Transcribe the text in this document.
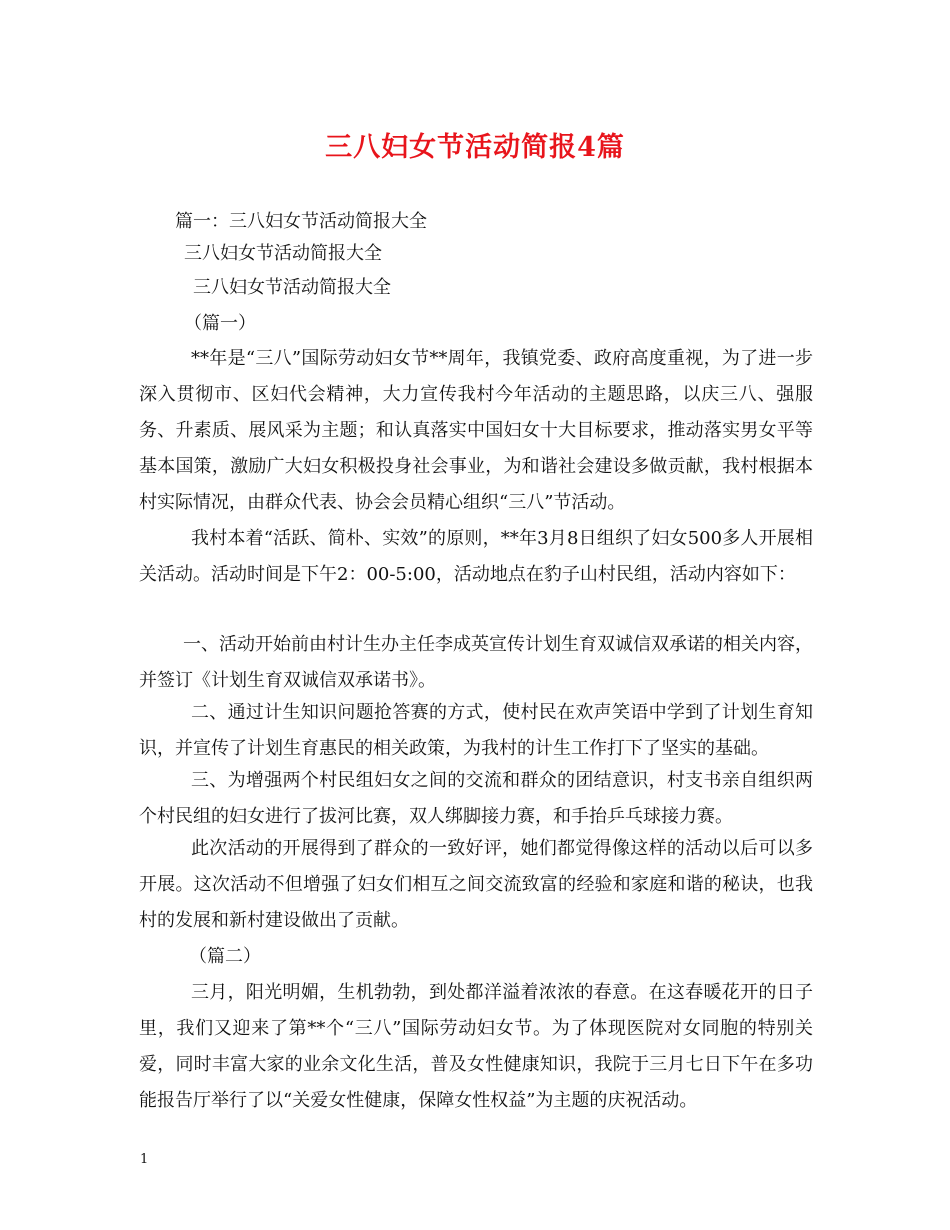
三八妇女节活动简报4篇
篇一：三八妇女节活动简报大全
三八妇女节活动简报大全
三八妇女节活动简报大全
（篇一）
**年是“三八”国际劳动妇女节**周年，我镇党委、政府高度重视，为了进一步深入贯彻市、区妇代会精神，大力宣传我村今年活动的主题思路，以庆三八、强服务、升素质、展风采为主题；和认真落实中国妇女十大目标要求，推动落实男女平等基本国策，激励广大妇女积极投身社会事业，为和谐社会建设多做贡献，我村根据本村实际情况，由群众代表、协会会员精心组织“三八”节活动。
我村本着“活跃、简朴、实效”的原则，**年3月8日组织了妇女500多人开展相关活动。活动时间是下午2：00-5:00，活动地点在豹子山村民组，活动内容如下：
一、活动开始前由村计生办主任李成英宣传计划生育双诚信双承诺的相关内容，并签订《计划生育双诚信双承诺书》。
二、通过计生知识问题抢答赛的方式，使村民在欢声笑语中学到了计划生育知识，并宣传了计划生育惠民的相关政策，为我村的计生工作打下了坚实的基础。
三、为增强两个村民组妇女之间的交流和群众的团结意识，村支书亲自组织两个村民组的妇女进行了拔河比赛，双人绑脚接力赛，和手抬乒乓球接力赛。
此次活动的开展得到了群众的一致好评，她们都觉得像这样的活动以后可以多开展。这次活动不但增强了妇女们相互之间交流致富的经验和家庭和谐的秘诀，也我村的发展和新村建设做出了贡献。
（篇二）
三月，阳光明媚，生机勃勃，到处都洋溢着浓浓的春意。在这春暖花开的日子里，我们又迎来了第**个“三八”国际劳动妇女节。为了体现医院对女同胞的特别关爱，同时丰富大家的业余文化生活，普及女性健康知识，我院于三月七日下午在多功能报告厅举行了以“关爱女性健康，保障女性权益”为主题的庆祝活动。
1
